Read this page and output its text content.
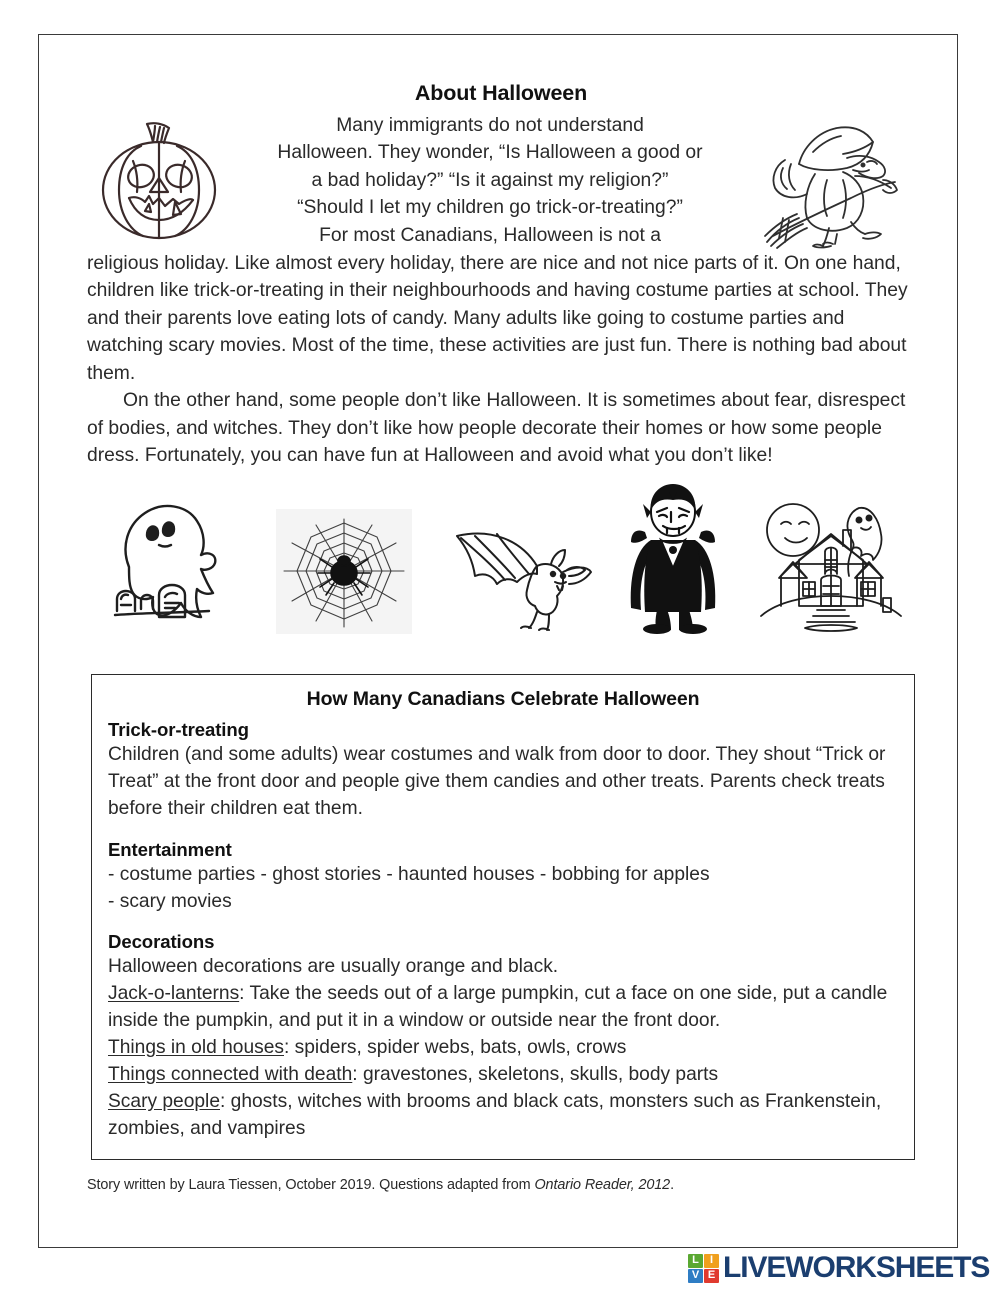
About Halloween
Many immigrants do not understand
Halloween. They wonder, “Is Halloween a good or
a bad holiday?” “Is it against my religion?”
“Should I let my children go trick-or-treating?”
For most Canadians, Halloween is not a

religious holiday. Like almost every holiday, there are nice and not nice parts of it. On one hand, children like trick-or-treating in their neighbourhoods and having costume parties at school. They and their parents love eating lots of candy. Many adults like going to costume parties and watching scary movies. Most of the time, these activities are just fun. There is nothing bad about them.

On the other hand, some people don’t like Halloween. It is sometimes about fear, disrespect of bodies, and witches. They don’t like how people decorate their homes or how some people dress. Fortunately, you can have fun at Halloween and avoid what you don’t like!

How Many Canadians Celebrate Halloween
Trick-or-treating

Children (and some adults) wear costumes and walk from door to door. They shout “Trick or Treat” at the front door and people give them candies and other treats. Parents check treats before their children eat them.

Entertainment

- costume parties - ghost stories - haunted houses - bobbing for apples

- scary movies

Decorations

Halloween decorations are usually orange and black.

Jack-o-lanterns: Take the seeds out of a large pumpkin, cut a face on one side, put a candle inside the pumpkin, and put it in a window or outside near the front door.

Things in old houses: spiders, spider webs, bats, owls, crows

Things connected with death: gravestones, skeletons, skulls, body parts

Scary people: ghosts, witches with brooms and black cats, monsters such as Frankenstein, zombies, and vampires

Story written by Laura Tiessen, October 2019. Questions adapted from Ontario Reader, 2012.
L	I
V E LIVEWORKSHEETS
